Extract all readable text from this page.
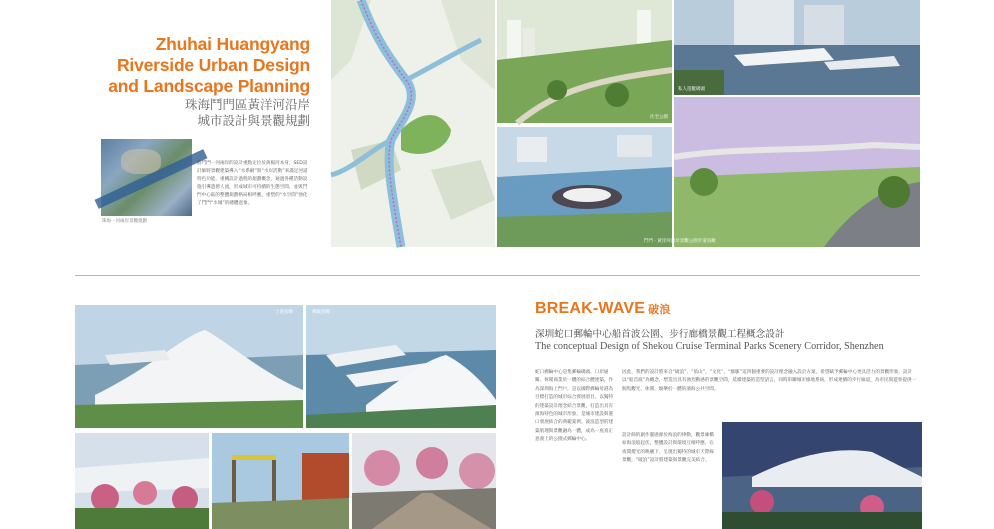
Zhuhai Huangyang
Riverside Urban Design
and Landscape Planning
珠海鬥門區黃洋河沿岸
城市設計與景觀規劃
珠海一河兩岸景觀規劃
將鬥門一河兩岸的設計重點定位於黃楊河本身，SED設計師將景觀建築導入“水系網”與“水岸活動”來滿足河道特色功能，重構設計過程的規劃概念，通過各種活動設施引導遊憩人流，形成城市可持續的生態空間，並與鬥門中心區的整體規劃格局相呼應，重塑的“水空間”強化了鬥門“水城”的總體意象。
住宅公園
私人遊艇碼頭
鬥門 · 黃洋河沿岸景觀公園步道鳥瞰
上港鳥瞰	郵輪鳥瞰	BREAK-WAVE 破浪
深圳蛇口郵輪中心船首波公園、步行廊橋景觀工程概念設計
The conceptual Design of Shekou Cruise Terminal Parks Scenery Corridor, Shenzhen
蛇口郵輪中心是集郵輪碼頭、口岸通關、休閒商業於一體的綜合體建築，作為深圳海上門戶，是以國際郵輪母港為目標打造的城市綜合發展項目。以獨特的建築設計理念結合景觀，打造出具有濱海特色的城市形象，是城市建設與港口發展結合的典範案例。波浪造型的建築肌理與景觀融為一體，成為一座真正意義上的公園式郵輪中心。
因此，我們的設計將來自“破浪”、“依山”、“文化”、“綠脈”這四個重要的設計理念融入設計方案，希望賦予郵輪中心更具活力的景觀形象。設計以“船首波”為概念，塑造出具有強烈動感的景觀空間，延續建築的造型語言，同時串聯城市綠地系統，形成連續的步行廊道，為市民與遊客提供一個集觀光、休閒、娛樂於一體的濱海公共空間。
設計師的創作靈感源於海浪的律動，觀景廊橋如海浪般起伏，整體設計與環境互相呼應，在夜間燈光的映襯下，呈現出獨特的城市天際線景觀，“破浪”設計將建築與景觀完美結合。
